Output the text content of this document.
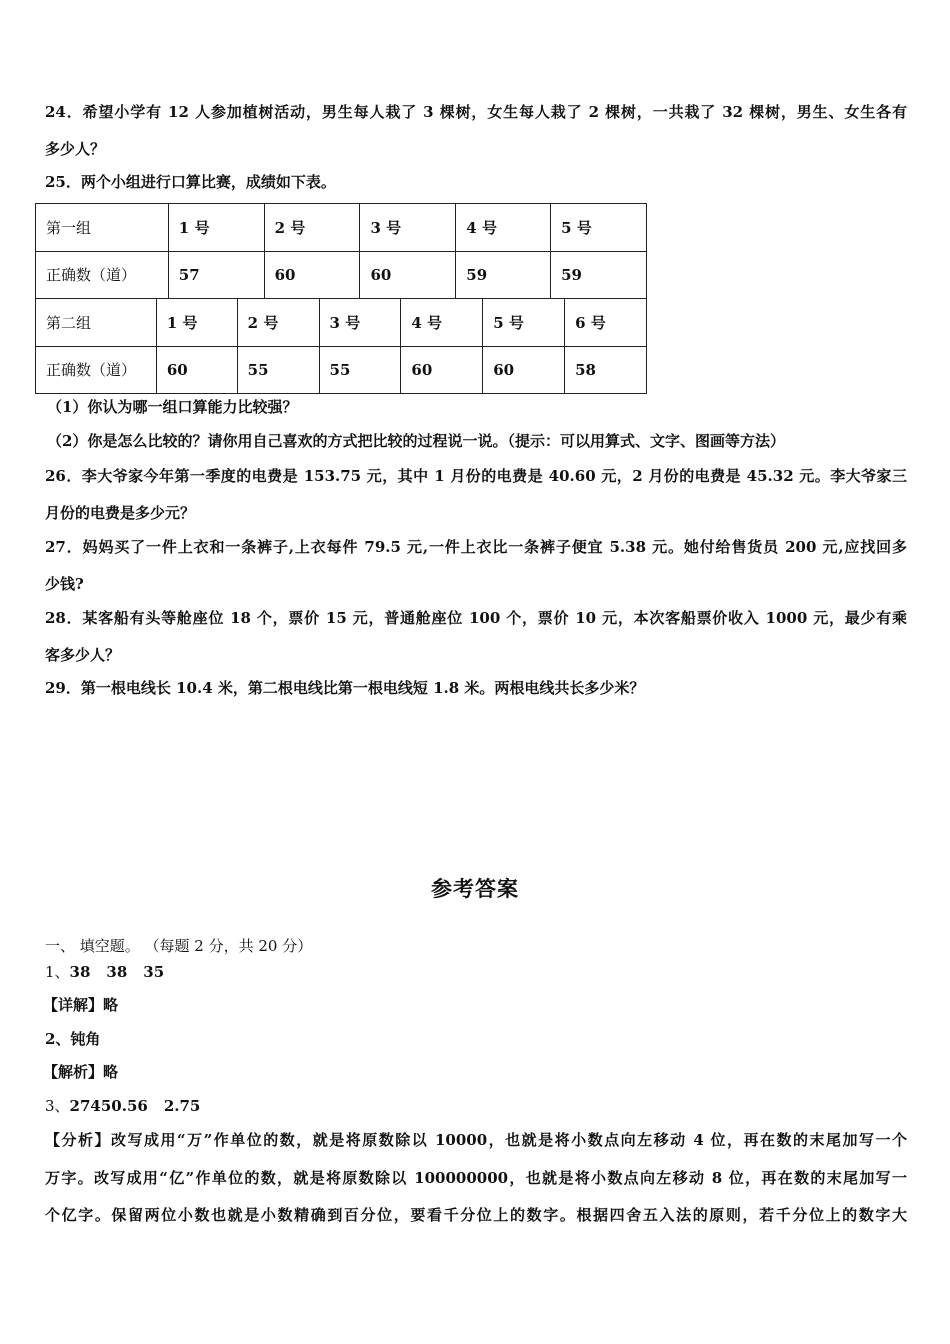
24．希望小学有 12 人参加植树活动，男生每人栽了 3 棵树，女生每人栽了 2 棵树，一共栽了 32 棵树，男生、女生各有
多少人？
25．两个小组进行口算比赛，成绩如下表。
第一组	1 号	2 号	3 号	4 号	5 号
正确数（道）	57	60	60	59	59
第二组	1 号	2 号	3 号	4 号	5 号	6 号
正确数（道）	60	55	55	60	60	58
（1）你认为哪一组口算能力比较强？
（2）你是怎么比较的？请你用自己喜欢的方式把比较的过程说一说。（提示：可以用算式、文字、图画等方法）
26．李大爷家今年第一季度的电费是 153.75 元，其中 1 月份的电费是 40.60 元，2 月份的电费是 45.32 元。李大爷家三
月份的电费是多少元？
27．妈妈买了一件上衣和一条裤子,上衣每件 79.5 元,一件上衣比一条裤子便宜 5.38 元。她付给售货员 200 元,应找回多
少钱?
28．某客船有头等舱座位 18 个，票价 15 元，普通舱座位 100 个，票价 10 元，本次客船票价收入 1000 元，最少有乘
客多少人？
29．第一根电线长 10.4 米，第二根电线比第一根电线短 1.8 米。两根电线共长多少米？
参考答案
一、 填空题。 （每题 2 分，共 20 分）
1、38 38 35
【详解】略
2、钝角
【解析】略
3、27450.56 2.75
【分析】改写成用“万”作单位的数，就是将原数除以 10000，也就是将小数点向左移动 4 位，再在数的末尾加写一个
万字。改写成用“亿”作单位的数，就是将原数除以 100000000，也就是将小数点向左移动 8 位，再在数的末尾加写一
个亿字。保留两位小数也就是小数精确到百分位，要看千分位上的数字。根据四舍五入法的原则，若千分位上的数字大
